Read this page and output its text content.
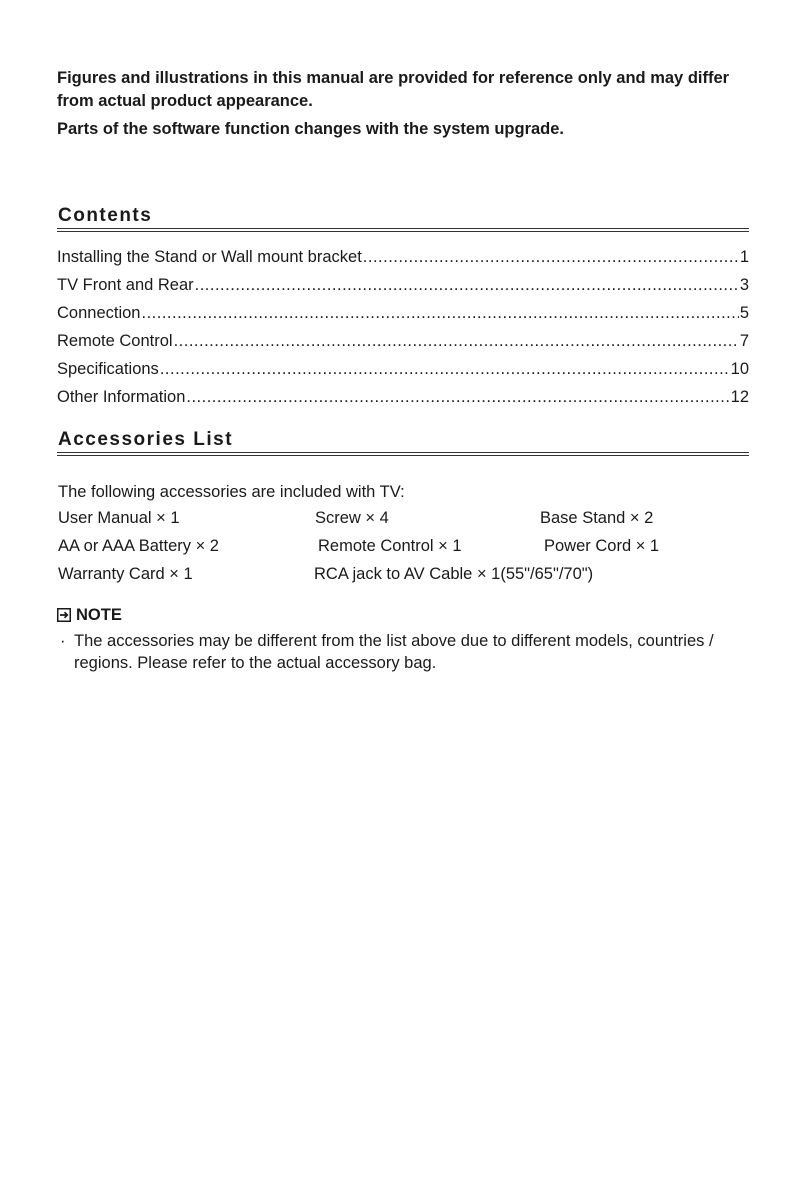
Figures and illustrations in this manual are provided for reference only and may differ from actual product appearance.

Parts of the software function changes with the system upgrade.

Contents
Installing the Stand or Wall mount bracket .....	1
TV Front and Rear .....	3
Connection .....	5
Remote Control .....	7
Specifications .....	10
Other Information .....	12
Accessories List

The following accessories are included with TV:

User Manual × 1	Screw × 4	Base Stand × 2
AA or AAA Battery × 2	Remote Control × 1	Power Cord × 1
Warranty Card × 1	RCA jack to AV Cable × 1(55"/65"/70")
NOTE
· The accessories may be different from the list above due to different models, countries / regions. Please refer to the actual accessory bag.
